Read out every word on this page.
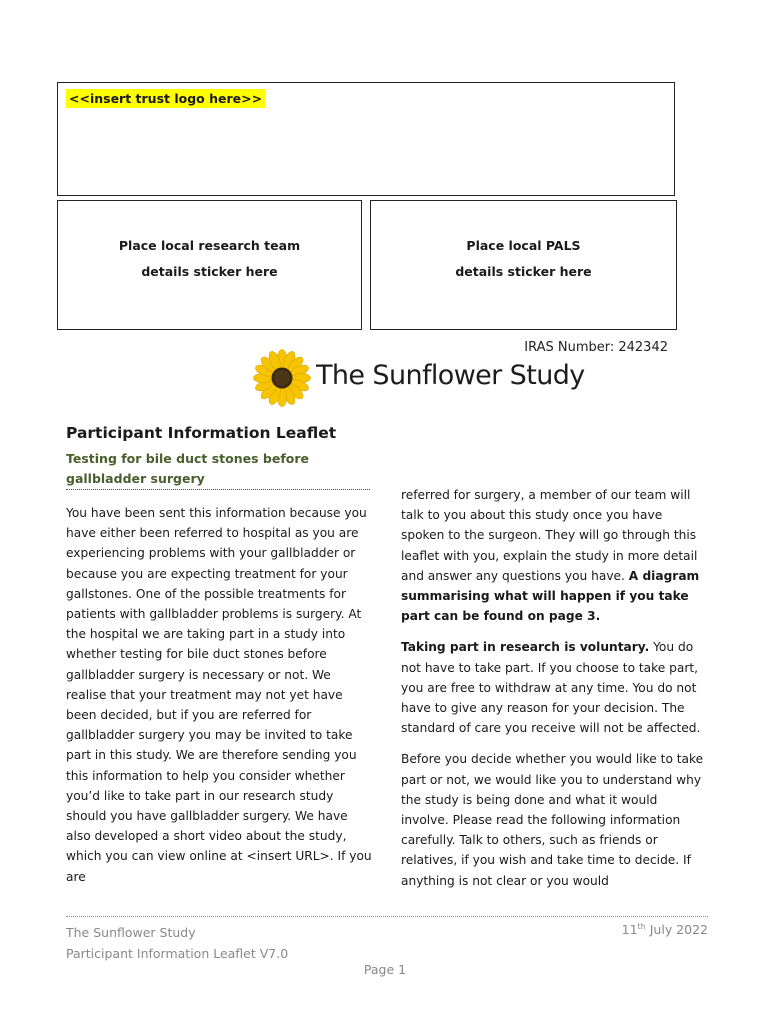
<<insert trust logo here>>
Place local research team
details sticker here
Place local PALS
details sticker here
IRAS Number: 242342
The Sunflower Study
Participant Information Leaflet
Testing for bile duct stones before gallbladder surgery

You have been sent this information because you have either been referred to hospital as you are experiencing problems with your gallbladder or because you are expecting treatment for your gallstones. One of the possible treatments for patients with gallbladder problems is surgery. At the hospital we are taking part in a study into whether testing for bile duct stones before gallbladder surgery is necessary or not. We realise that your treatment may not yet have been decided, but if you are referred for gallbladder surgery you may be invited to take part in this study. We are therefore sending you this information to help you consider whether you’d like to take part in our research study should you have gallbladder surgery. We have also developed a short video about the study, which you can view online at <insert URL>. If you are

referred for surgery, a member of our team will talk to you about this study once you have spoken to the surgeon. They will go through this leaflet with you, explain the study in more detail and answer any questions you have. A diagram summarising what will happen if you take part can be found on page 3.

Taking part in research is voluntary. You do not have to take part. If you choose to take part, you are free to withdraw at any time. You do not have to give any reason for your decision. The standard of care you receive will not be affected.

Before you decide whether you would like to take part or not, we would like you to understand why the study is being done and what it would involve. Please read the following information carefully. Talk to others, such as friends or relatives, if you wish and take time to decide. If anything is not clear or you would

The Sunflower Study
Participant Information Leaflet V7.0
11th July 2022
Page 1
